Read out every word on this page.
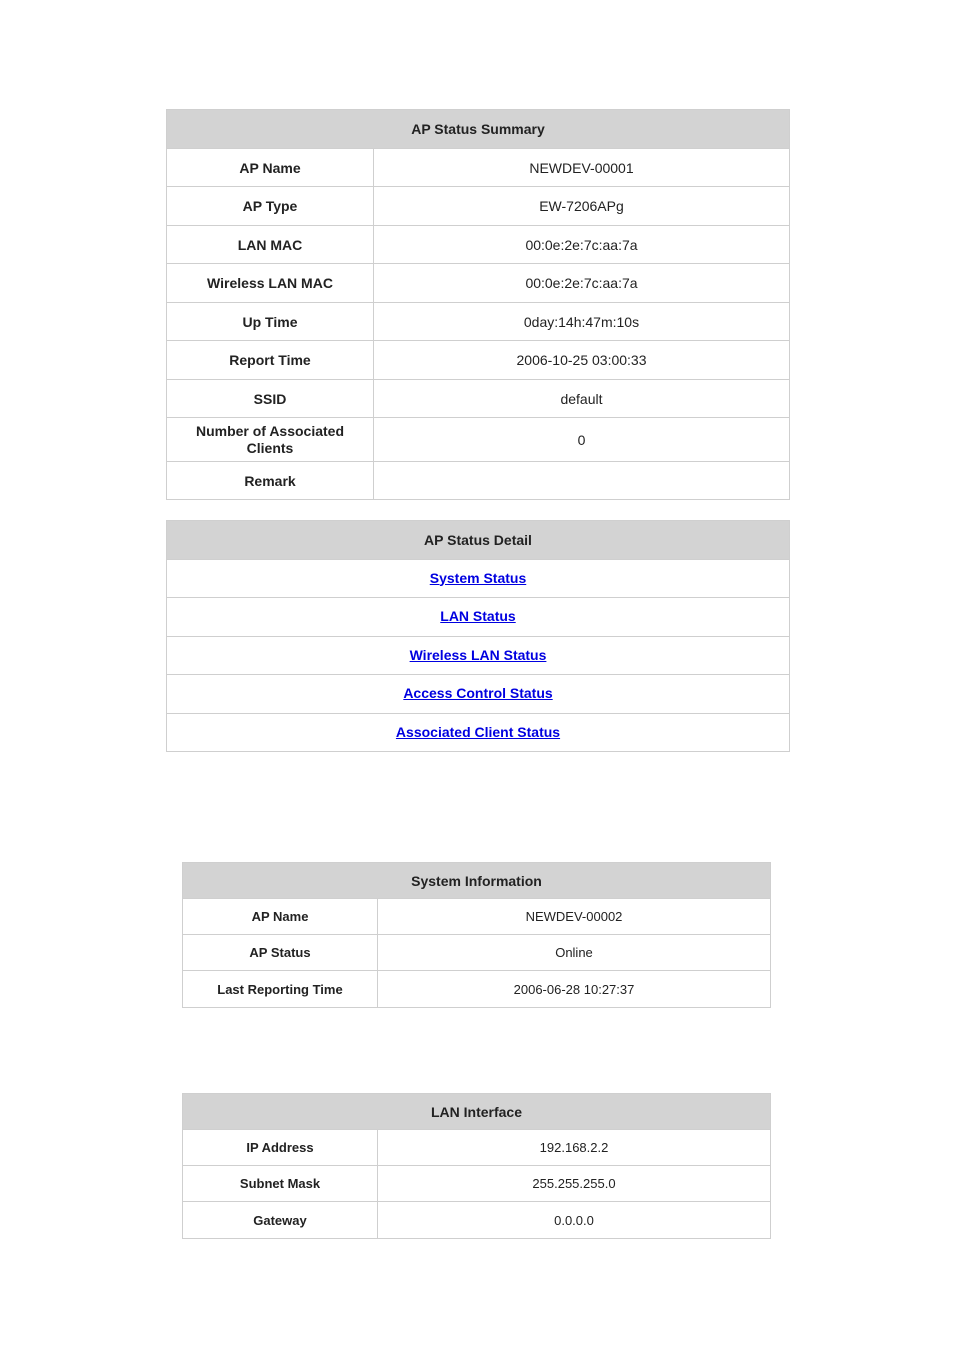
AP Status Summary	
AP Name	NEWDEV-00001
AP Type	EW-7206APg
LAN MAC	00:0e:2e:7c:aa:7a
Wireless LAN MAC	00:0e:2e:7c:aa:7a
Up Time	0day:14h:47m:10s
Report Time	2006-10-25 03:00:33
SSID	default
Number of Associated Clients	0
Remark	
AP Status Detail
System Status
LAN Status
Wireless LAN Status
Access Control Status
Associated Client Status
System Information	
AP Name	NEWDEV-00002
AP Status	Online
Last Reporting Time	2006-06-28 10:27:37
LAN Interface	
IP Address	192.168.2.2
Subnet Mask	255.255.255.0
Gateway	0.0.0.0
